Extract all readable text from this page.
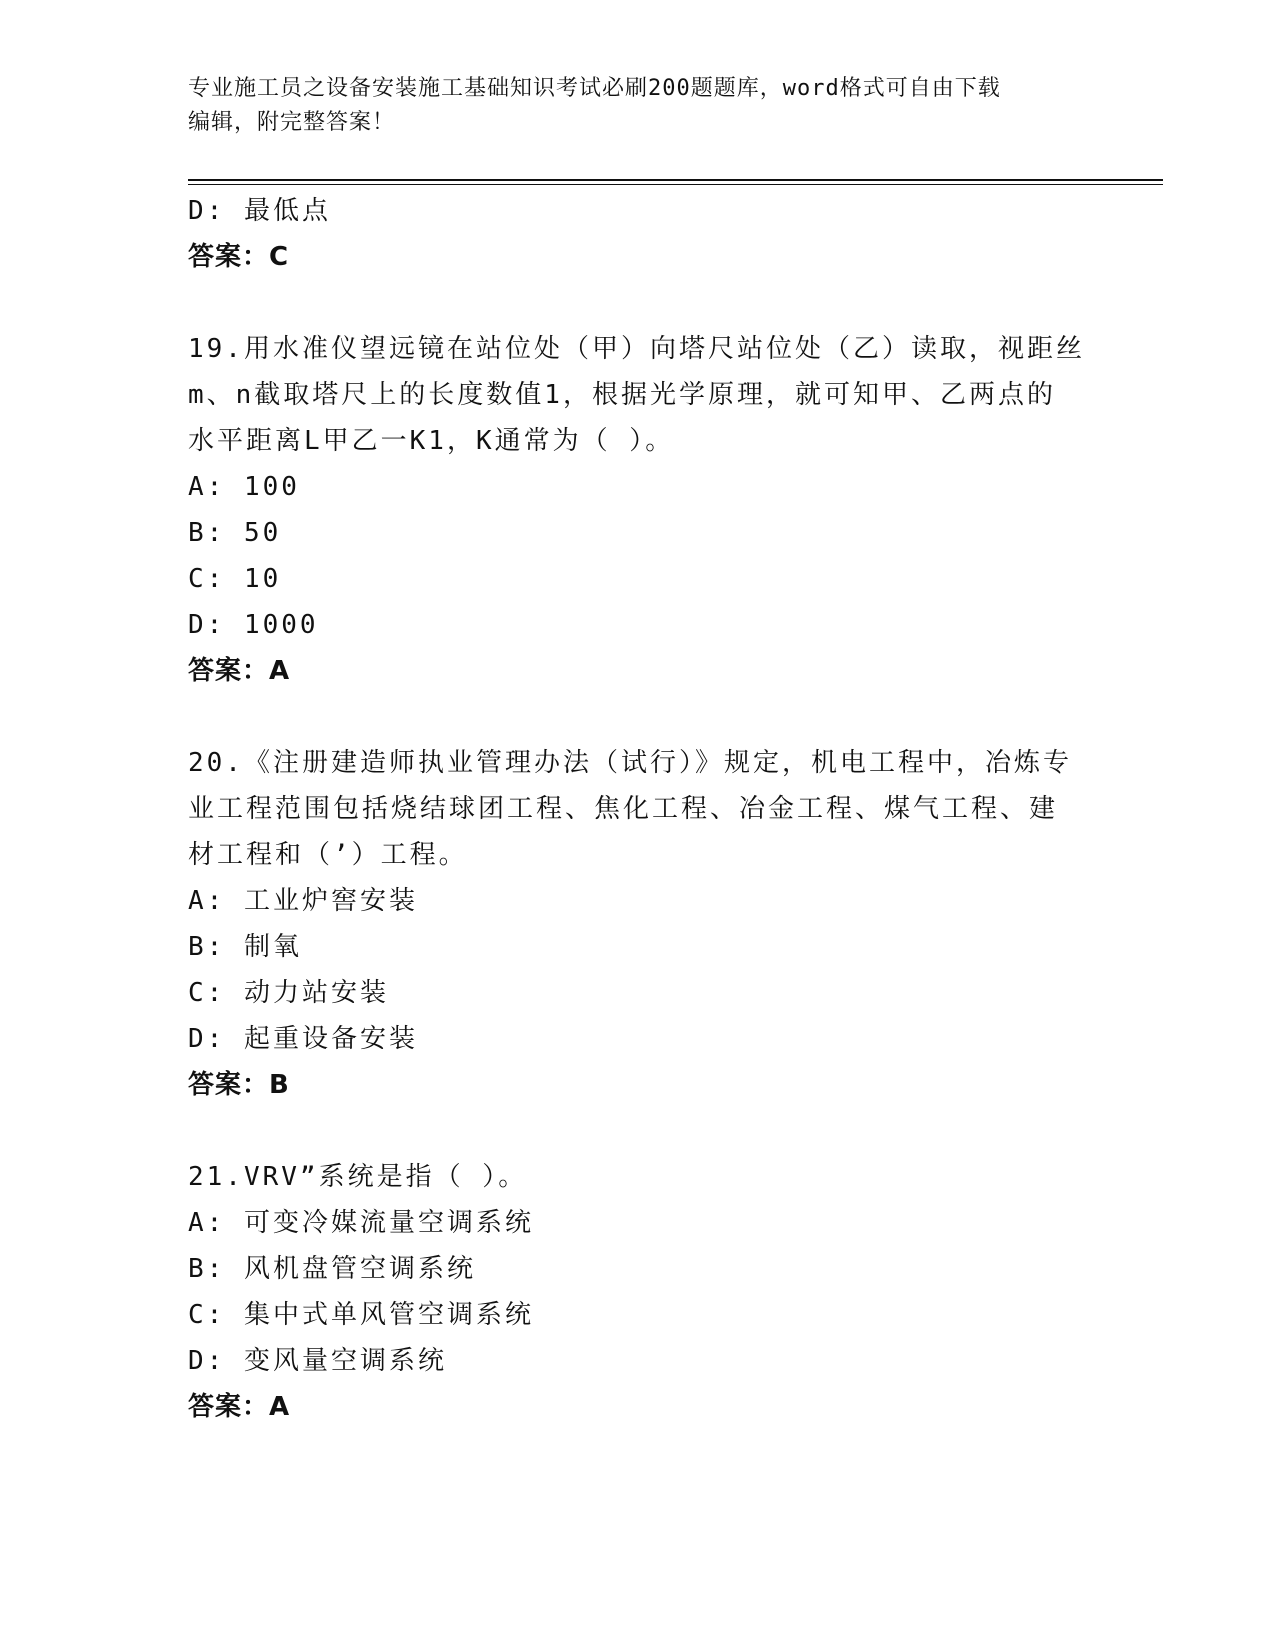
专业施工员之设备安装施工基础知识考试必刷200题题库，word格式可自由下载
编辑，附完整答案！
D: 最低点
答案：C
19.用水准仪望远镜在站位处（甲）向塔尺站位处（乙）读取，视距丝
m、n截取塔尺上的长度数值1，根据光学原理，就可知甲、乙两点的
水平距离L甲乙一K1，K通常为（ ）。
A: 100
B: 50
C: 10
D: 1000
答案：A
20.《注册建造师执业管理办法（试行）》规定，机电工程中，冶炼专
业工程范围包括烧结球团工程、焦化工程、冶金工程、煤气工程、建
材工程和（’）工程。
A: 工业炉窖安装
B: 制氧
C: 动力站安装
D: 起重设备安装
答案：B
21.VRV”系统是指（ ）。
A: 可变冷媒流量空调系统
B: 风机盘管空调系统
C: 集中式单风管空调系统
D: 变风量空调系统
答案：A
